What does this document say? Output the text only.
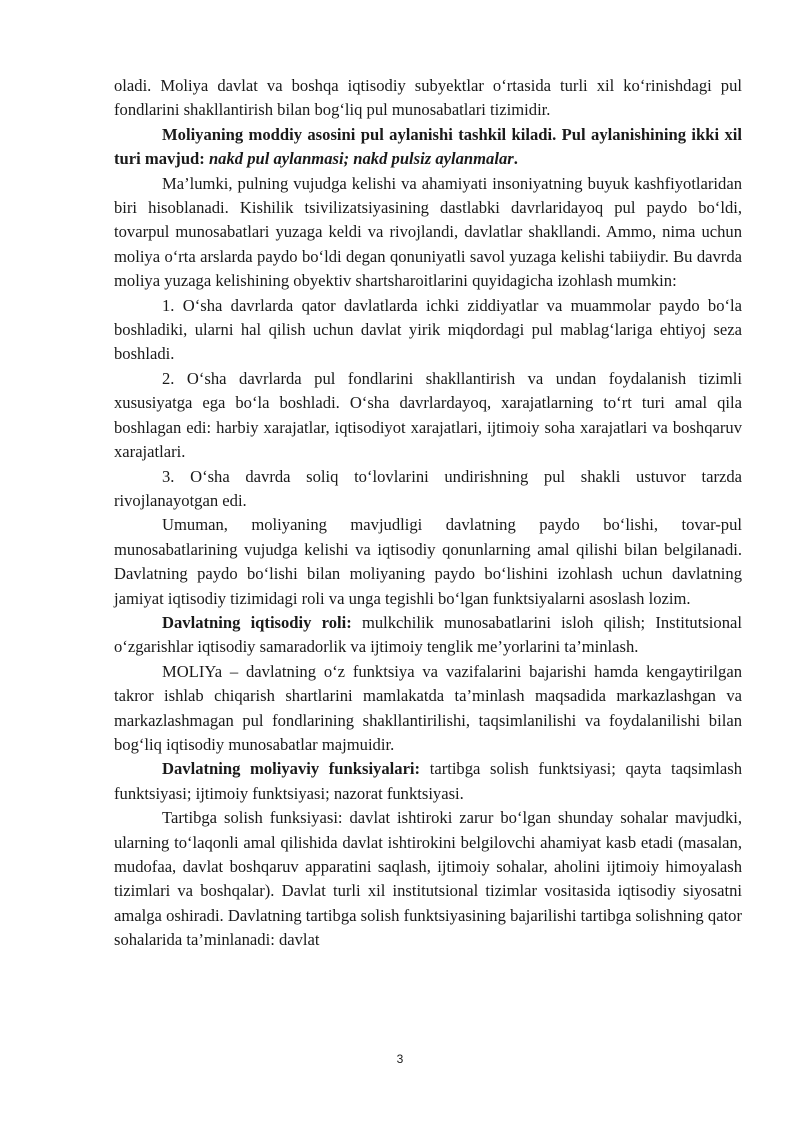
oladi. Moliya davlat va boshqa iqtisodiy subyektlar o‘rtasida turli xil ko‘rinishdagi pul fondlarini shakllantirish bilan bog‘liq pul munosabatlari tizimidir.

Moliyaning moddiy asosini pul aylanishi tashkil kiladi. Pul aylanishining ikki xil turi mavjud: nakd pul aylanmasi; nakd pulsiz aylanmalar.

Ma’lumki, pulning vujudga kelishi va ahamiyati insoniyatning buyuk kashfiyotlaridan biri hisoblanadi. Kishilik tsivilizatsiyasining dastlabki davrlaridayoq pul paydo bo‘ldi, tovarpul munosabatlari yuzaga keldi va rivojlandi, davlatlar shakllandi. Ammo, nima uchun moliya o‘rta arslarda paydo bo‘ldi degan qonuniyatli savol yuzaga kelishi tabiiydir. Bu davrda moliya yuzaga kelishining obyektiv shartsharoitlarini quyidagicha izohlash mumkin:

1. O‘sha davrlarda qator davlatlarda ichki ziddiyatlar va muammolar paydo bo‘la boshladiki, ularni hal qilish uchun davlat yirik miqdordagi pul mablag‘lariga ehtiyoj seza boshladi.

2. O‘sha davrlarda pul fondlarini shakllantirish va undan foydalanish tizimli xususiyatga ega bo‘la boshladi. O‘sha davrlardayoq, xarajatlarning to‘rt turi amal qila boshlagan edi: harbiy xarajatlar, iqtisodiyot xarajatlari, ijtimoiy soha xarajatlari va boshqaruv xarajatlari.

3. O‘sha davrda soliq to‘lovlarini undirishning pul shakli ustuvor tarzda rivojlanayotgan edi.

Umuman, moliyaning mavjudligi davlatning paydo bo‘lishi, tovar-pul munosabatlarining vujudga kelishi va iqtisodiy qonunlarning amal qilishi bilan belgilanadi. Davlatning paydo bo‘lishi bilan moliyaning paydo bo‘lishini izohlash uchun davlatning jamiyat iqtisodiy tizimidagi roli va unga tegishli bo‘lgan funktsiyalarni asoslash lozim.

Davlatning iqtisodiy roli: mulkchilik munosabatlarini isloh qilish; Institutsional o‘zgarishlar iqtisodiy samaradorlik va ijtimoiy tenglik me’yorlarini ta’minlash.

MOLIYa – davlatning o‘z funktsiya va vazifalarini bajarishi hamda kengaytirilgan takror ishlab chiqarish shartlarini mamlakatda ta’minlash maqsadida markazlashgan va markazlashmagan pul fondlarining shakllantirilishi, taqsimlanilishi va foydalanilishi bilan bog‘liq iqtisodiy munosabatlar majmuidir.

Davlatning moliyaviy funksiyalari: tartibga solish funktsiyasi; qayta taqsimlash funktsiyasi; ijtimoiy funktsiyasi; nazorat funktsiyasi.

Tartibga solish funksiyasi: davlat ishtiroki zarur bo‘lgan shunday sohalar mavjudki, ularning to‘laqonli amal qilishida davlat ishtirokini belgilovchi ahamiyat kasb etadi (masalan, mudofaa, davlat boshqaruv apparatini saqlash, ijtimoiy sohalar, aholini ijtimoiy himoyalash tizimlari va boshqalar). Davlat turli xil institutsional tizimlar vositasida iqtisodiy siyosatni amalga oshiradi. Davlatning tartibga solish funktsiyasining bajarilishi tartibga solishning qator sohalarida ta’minlanadi: davlat

3
